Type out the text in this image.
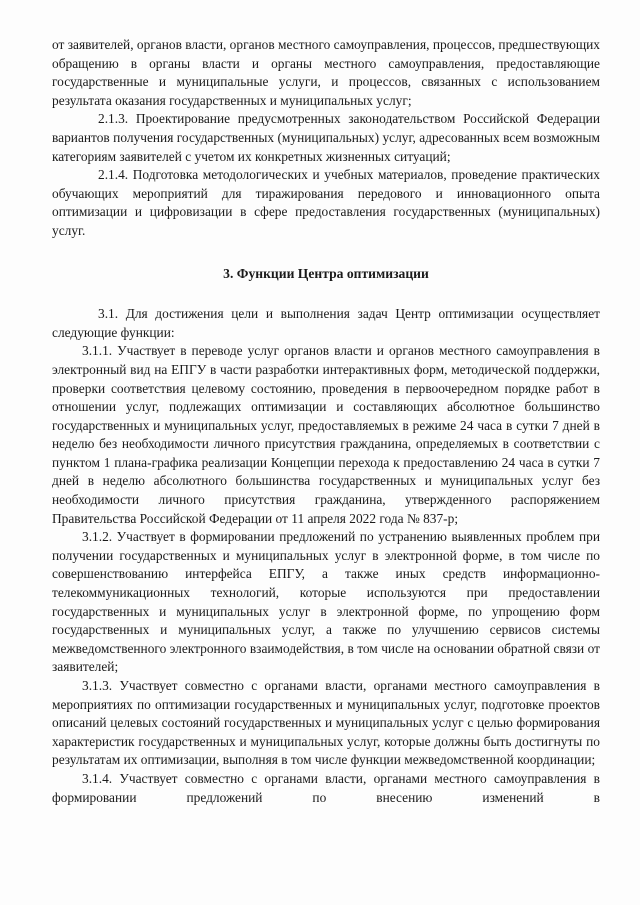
от заявителей, органов власти, органов местного самоуправления, процессов, предшествующих обращению в органы власти и органы местного самоуправления, предоставляющие государственные и муниципальные услуги, и процессов, связанных с использованием результата оказания государственных и муниципальных услуг;

2.1.3. Проектирование предусмотренных законодательством Российской Федерации вариантов получения государственных (муниципальных) услуг, адресованных всем возможным категориям заявителей с учетом их конкретных жизненных ситуаций;

2.1.4. Подготовка методологических и учебных материалов, проведение практических обучающих мероприятий для тиражирования передового и инновационного опыта оптимизации и цифровизации в сфере предоставления государственных (муниципальных) услуг.

3. Функции Центра оптимизации

3.1. Для достижения цели и выполнения задач Центр оптимизации осуществляет следующие функции:

3.1.1. Участвует в переводе услуг органов власти и органов местного самоуправления в электронный вид на ЕПГУ в части разработки интерактивных форм, методической поддержки, проверки соответствия целевому состоянию, проведения в первоочередном порядке работ в отношении услуг, подлежащих оптимизации и составляющих абсолютное большинство государственных и муниципальных услуг, предоставляемых в режиме 24 часа в сутки 7 дней в неделю без необходимости личного присутствия гражданина, определяемых в соответствии с пунктом 1 плана-графика реализации Концепции перехода к предоставлению 24 часа в сутки 7 дней в неделю абсолютного большинства государственных и муниципальных услуг без необходимости личного присутствия гражданина, утвержденного распоряжением Правительства Российской Федерации от 11 апреля 2022 года № 837-р;

3.1.2. Участвует в формировании предложений по устранению выявленных проблем при получении государственных и муниципальных услуг в электронной форме, в том числе по совершенствованию интерфейса ЕПГУ, а также иных средств информационно-телекоммуникационных технологий, которые используются при предоставлении государственных и муниципальных услуг в электронной форме, по упрощению форм государственных и муниципальных услуг, а также по улучшению сервисов системы межведомственного электронного взаимодействия, в том числе на основании обратной связи от заявителей;

3.1.3. Участвует совместно с органами власти, органами местного самоуправления в мероприятиях по оптимизации государственных и муниципальных услуг, подготовке проектов описаний целевых состояний государственных и муниципальных услуг с целью формирования характеристик государственных и муниципальных услуг, которые должны быть достигнуты по результатам их оптимизации, выполняя в том числе функции межведомственной координации;

3.1.4. Участвует совместно с органами власти, органами местного самоуправления в формировании предложений по внесению изменений в
